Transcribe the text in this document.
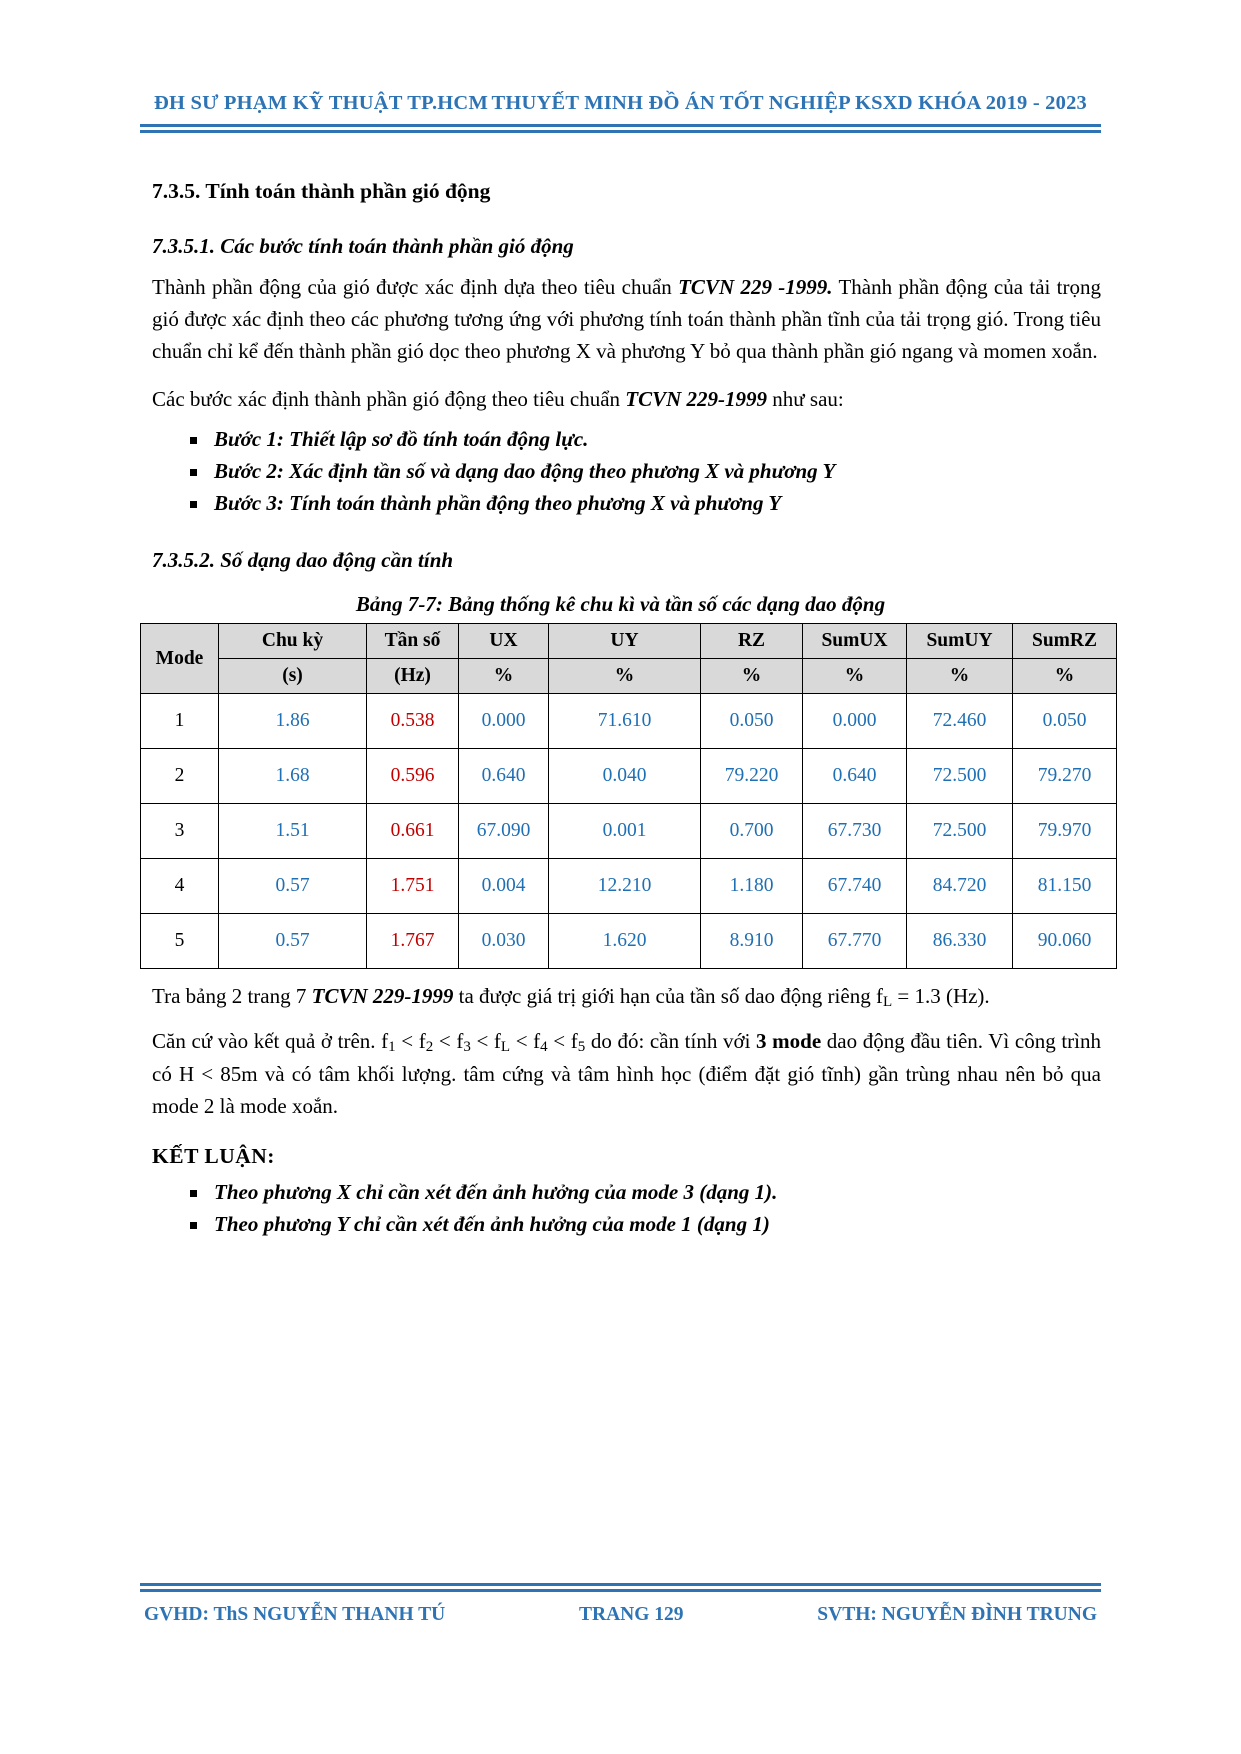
ĐH SƯ PHẠM KỸ THUẬT TP.HCM THUYẾT MINH ĐỒ ÁN TỐT NGHIỆP KSXD KHÓA 2019 - 2023
7.3.5. Tính toán thành phần gió động
7.3.5.1. Các bước tính toán thành phần gió động

Thành phần động của gió được xác định dựa theo tiêu chuẩn TCVN 229 -1999. Thành phần động của tải trọng gió được xác định theo các phương tương ứng với phương tính toán thành phần tĩnh của tải trọng gió. Trong tiêu chuẩn chỉ kể đến thành phần gió dọc theo phương X và phương Y bỏ qua thành phần gió ngang và momen xoắn.

Các bước xác định thành phần gió động theo tiêu chuẩn TCVN 229-1999 như sau:

Bước 1: Thiết lập sơ đồ tính toán động lực.
Bước 2: Xác định tần số và dạng dao động theo phương X và phương Y
Bước 3: Tính toán thành phần động theo phương X và phương Y
7.3.5.2. Số dạng dao động cần tính
Bảng 7-7: Bảng thống kê chu kì và tần số các dạng dao động
Mode	Chu kỳ	Tần số	UX	UY	RZ	SumUX	SumUY	SumRZ
	(s)	(Hz)	%	%	%	%	%	%
1	1.86	0.538	0.000	71.610	0.050	0.000	72.460	0.050
2	1.68	0.596	0.640	0.040	79.220	0.640	72.500	79.270
3	1.51	0.661	67.090	0.001	0.700	67.730	72.500	79.970
4	0.57	1.751	0.004	12.210	1.180	67.740	84.720	81.150
5	0.57	1.767	0.030	1.620	8.910	67.770	86.330	90.060

Tra bảng 2 trang 7 TCVN 229-1999 ta được giá trị giới hạn của tần số dao động riêng $f_L = 1.3$ (Hz).

Căn cứ vào kết quả ở trên. $f_1 < f_2 < f_3 < f_L < f_4 < f_5$ do đó: cần tính với 3 mode dao động đầu tiên. Vì công trình có H < 85m và có tâm khối lượng. tâm cứng và tâm hình học (điểm đặt gió tĩnh) gần trùng nhau nên bỏ qua mode 2 là mode xoắn.

KẾT LUẬN:
Theo phương X chỉ cần xét đến ảnh hưởng của mode 3 (dạng 1).
Theo phương Y chỉ cần xét đến ảnh hưởng của mode 1 (dạng 1)
GVHD: ThS NGUYỄN THANH TÚ	TRANG 129	SVTH: NGUYỄN ĐÌNH TRUNG
